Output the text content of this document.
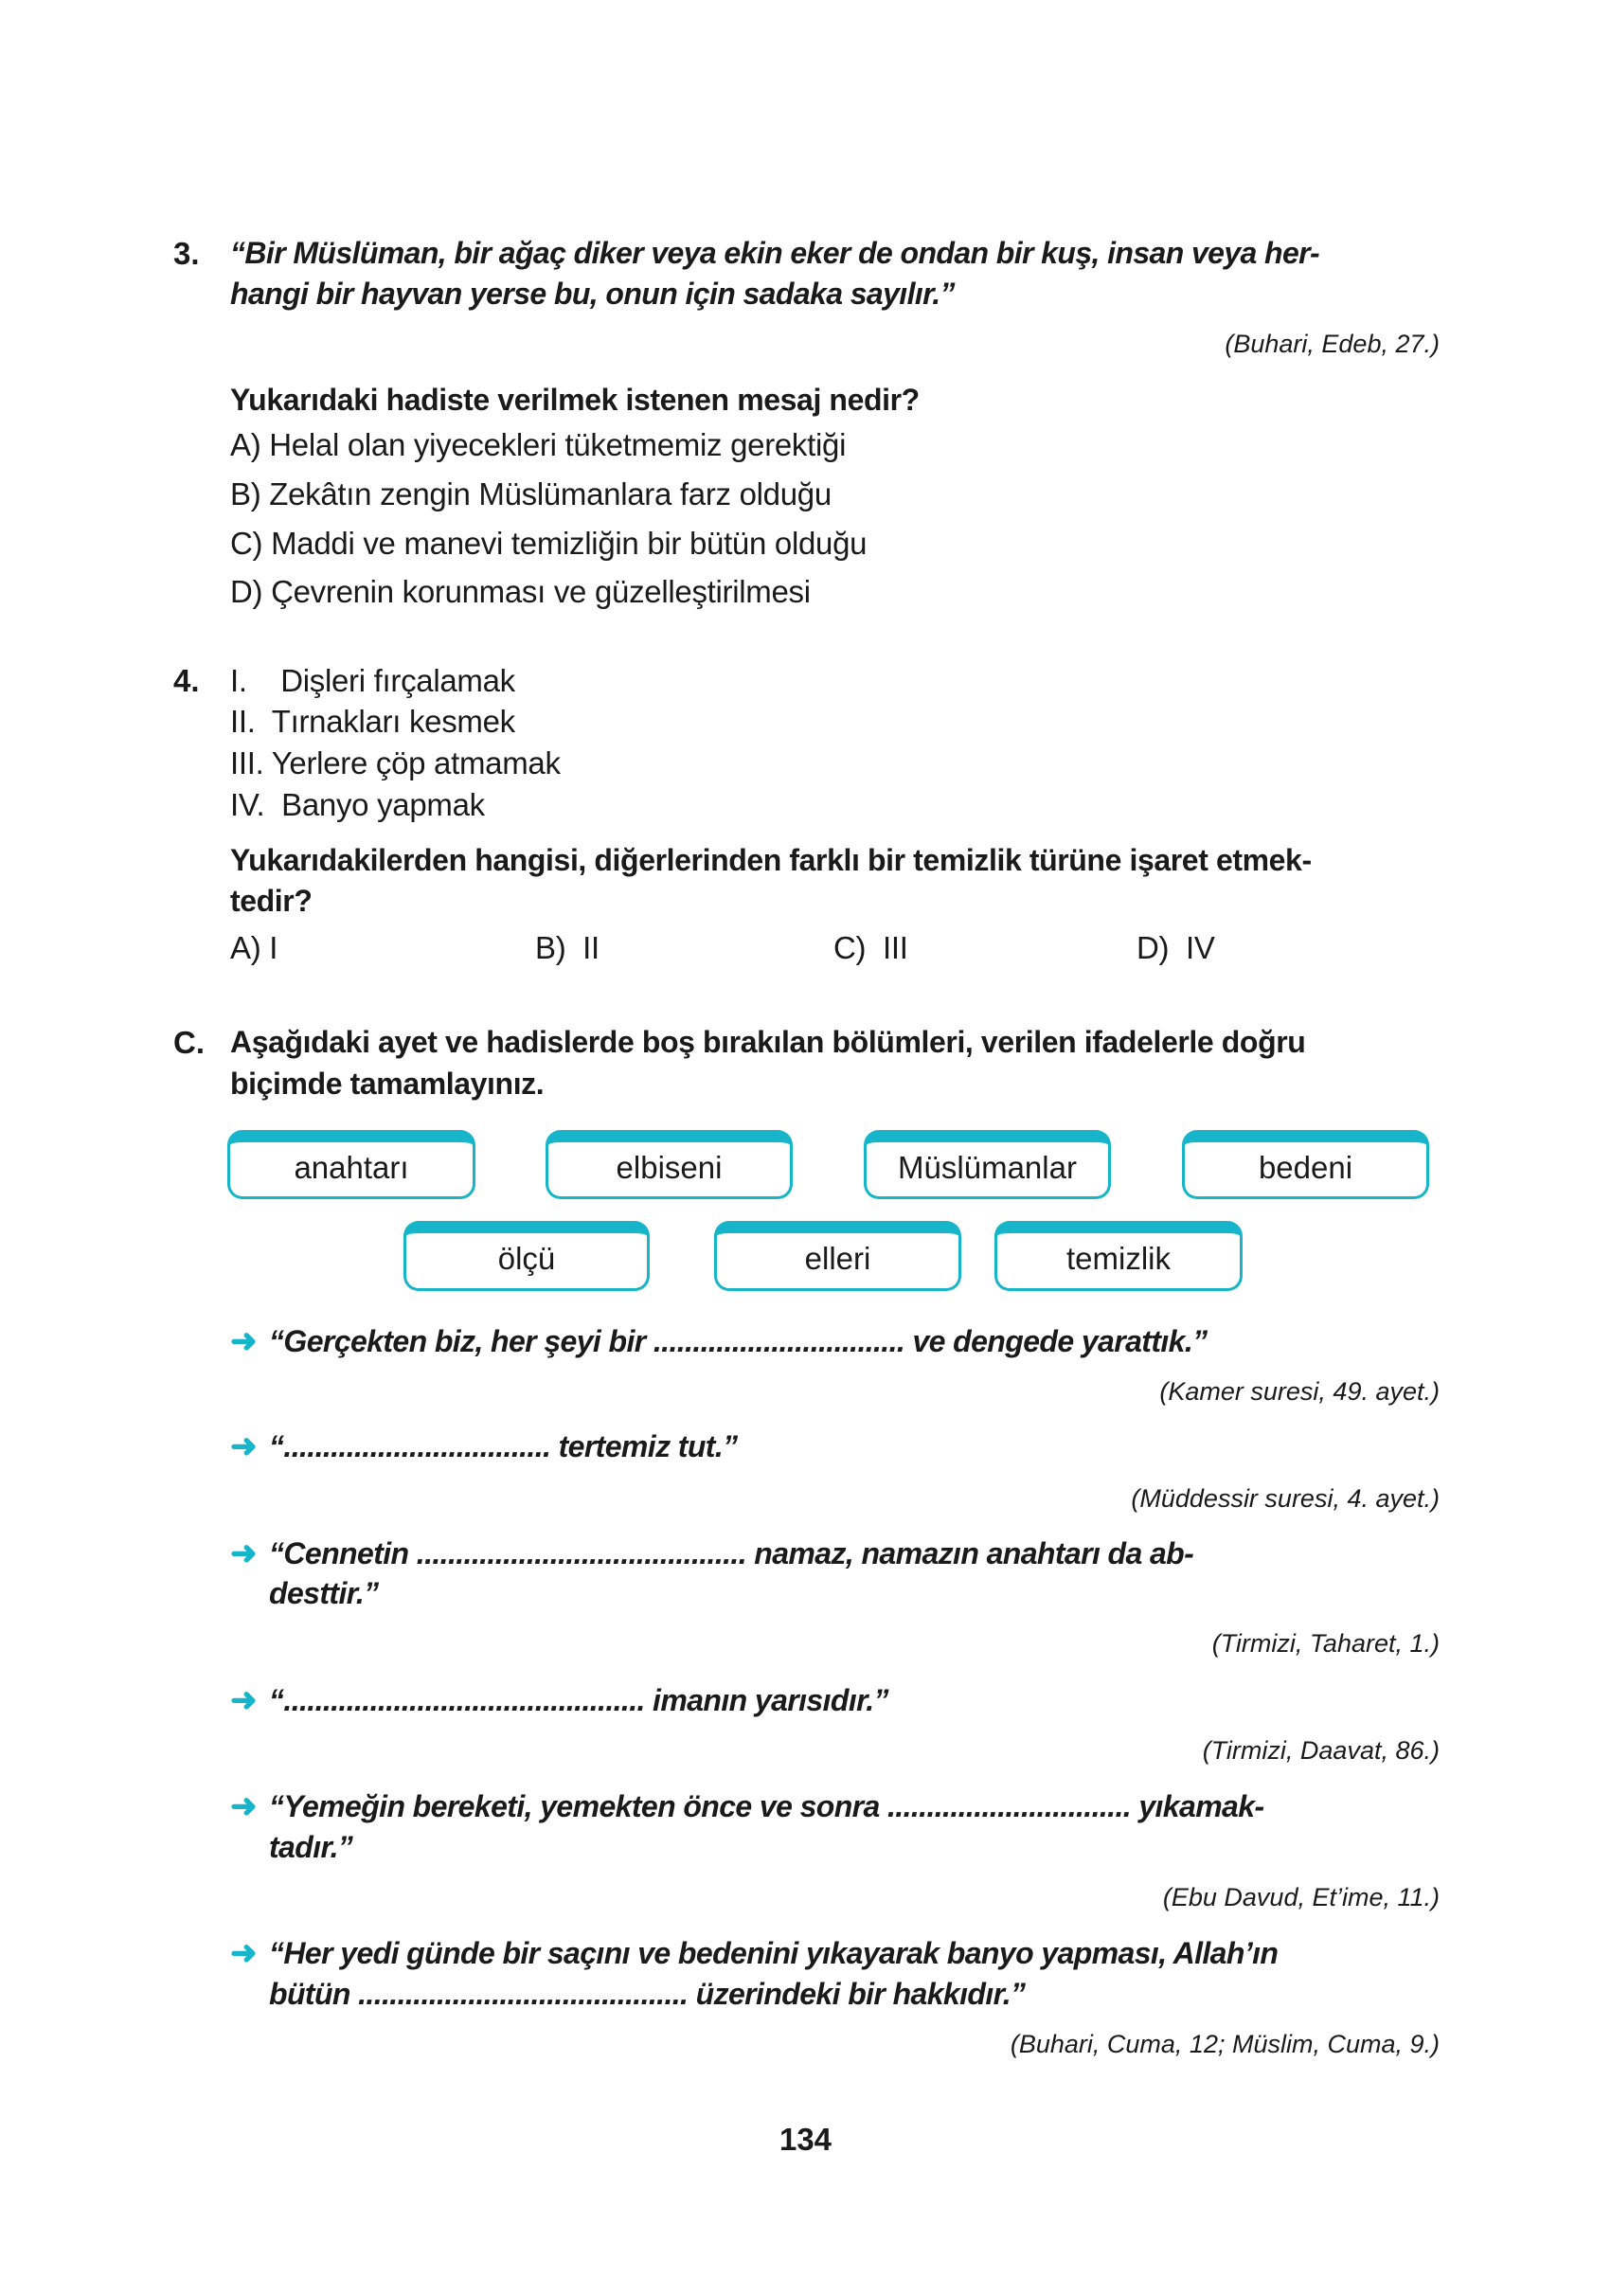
3. “Bir Müslüman, bir ağaç diker veya ekin eker de ondan bir kuş, insan veya her-
hangi bir hayvan yerse bu, onun için sadaka sayılır.”
(Buhari, Edeb, 27.)
Yukarıdaki hadiste verilmek istenen mesaj nedir?
A) Helal olan yiyecekleri tüketmemiz gerektiği
B) Zekâtın zengin Müslümanlara farz olduğu
C) Maddi ve manevi temizliğin bir bütün olduğu
D) Çevrenin korunması ve güzelleştirilmesi
4. I.    Dişleri fırçalamak
II.  Tırnakları kesmek
III. Yerlere çöp atmamak
IV.  Banyo yapmak
Yukarıdakilerden hangisi, diğerlerinden farklı bir temizlik türüne işaret etmek-
tedir?
A) I	B)  II	C)  III	D)  IV
C. Aşağıdaki ayet ve hadislerde boş bırakılan bölümleri, verilen ifadelerle doğru
biçimde tamamlayınız.
anahtarı	elbiseni	Müslümanlar	bedeni
ölçü	elleri	temizlik
➜ “Gerçekten biz, her şeyi bir ................................ ve dengede yarattık.”
(Kamer suresi, 49. ayet.)
➜ “.................................. tertemiz tut.”
(Müddessir suresi, 4. ayet.)
➜ “Cennetin .......................................... namaz, namazın anahtarı da ab-
desttir.”
(Tirmizi, Taharet, 1.)
➜ “.............................................. imanın yarısıdır.”
(Tirmizi, Daavat, 86.)
➜ “Yemeğin bereketi, yemekten önce ve sonra ............................... yıkamak-
tadır.”
(Ebu Davud, Et’ime, 11.)
➜ “Her yedi günde bir saçını ve bedenini yıkayarak banyo yapması, Allah’ın
bütün .......................................... üzerindeki bir hakkıdır.”
(Buhari, Cuma, 12; Müslim, Cuma, 9.)
134
